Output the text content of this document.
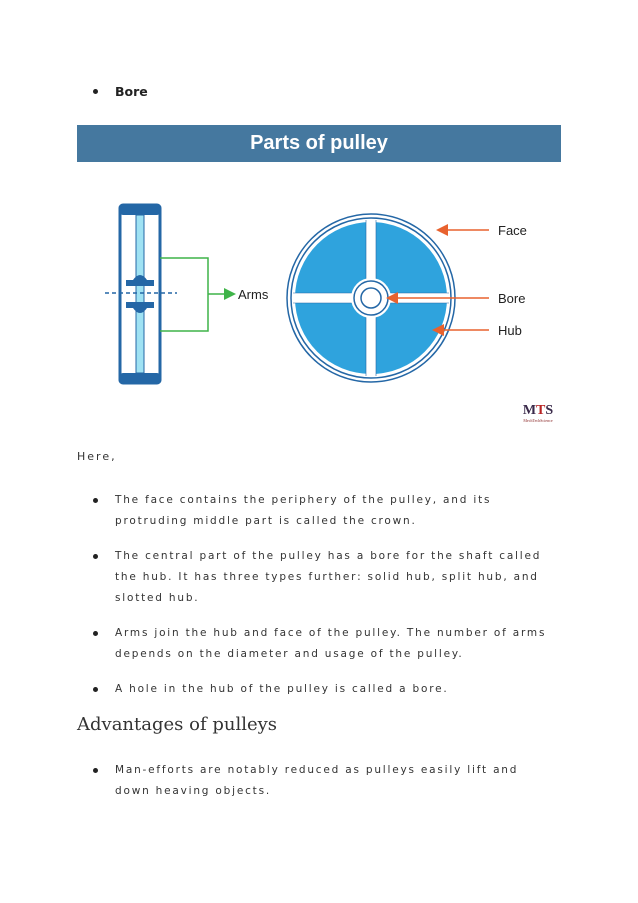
Bore
Parts of pulley
Arms
Face
Bore
Hub
MTS
MechTechScience
Here,
The face contains the periphery of the pulley, and its protruding middle part is called the crown.
The central part of the pulley has a bore for the shaft called the hub. It has three types further: solid hub, split hub, and slotted hub.
Arms join the hub and face of the pulley. The number of arms depends on the diameter and usage of the pulley.
A hole in the hub of the pulley is called a bore.
Advantages of pulleys
Man-efforts are notably reduced as pulleys easily lift and down heaving objects.
